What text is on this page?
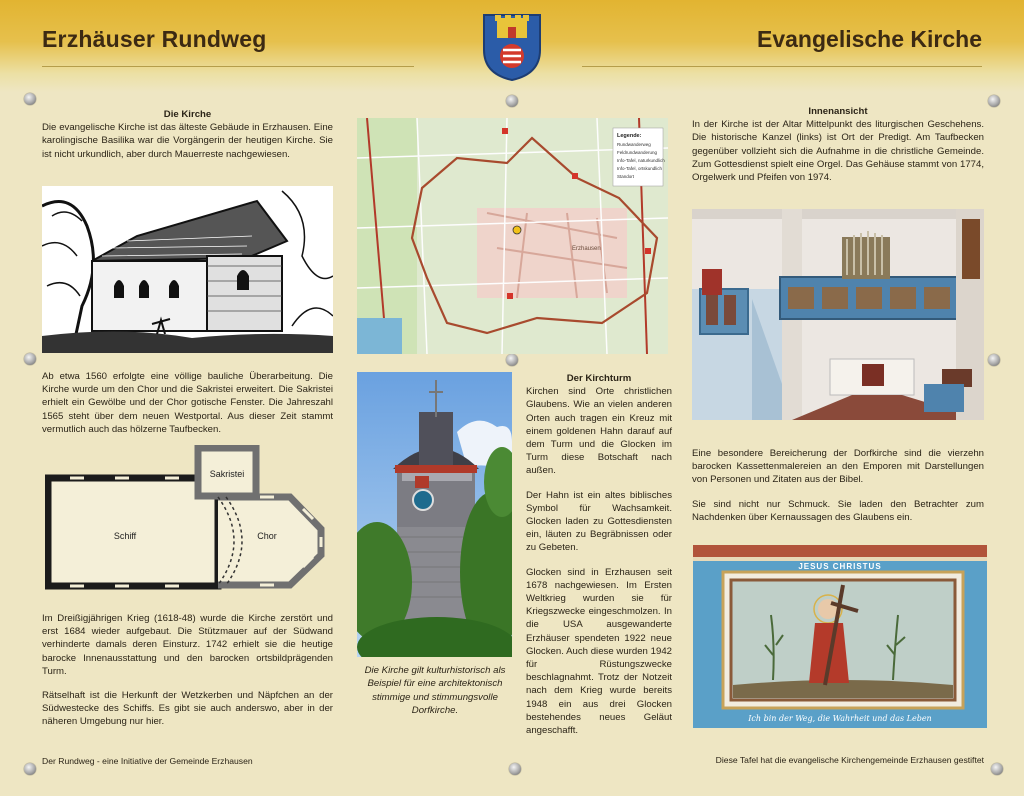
Erzhäuser Rundweg	Evangelische Kirche
Die Kirche
Die evangelische Kirche ist das älteste Gebäude in Erzhausen. Eine karolingische Basilika war die Vorgängerin der heutigen Kirche. Sie ist nicht urkundlich, aber durch Mauerreste nachgewiesen.
Ab etwa 1560 erfolgte eine völlige bauliche Überarbeitung. Die Kirche wurde um den Chor und die Sakristei erweitert. Die Sakristei erhielt ein Gewölbe und der Chor gotische Fenster. Die Jahreszahl 1565 steht über dem neuen Westportal. Aus dieser Zeit stammt vermutlich auch das hölzerne Taufbecken.
Schiff
Sakristei
Chor

Im Dreißigjährigen Krieg (1618-48) wurde die Kirche zerstört und erst 1684 wieder aufgebaut. Die Stützmauer auf der Südwand verhinderte damals deren Einsturz. 1742 erhielt sie die heutige barocke Innenausstattung und den barocken ortsbildprägenden Turm.

Rätselhaft ist die Herkunft der Wetzkerben und Näpfchen an der Südwestecke des Schiffs. Es gibt sie auch anderswo, aber in der näheren Umgebung nur hier.

Legende:
Rundwanderweg
Feldrundwanderung
Info-Tafel, naturkundlich
Info-Tafel, ortskundlich
Standort
Erzhausen
Die Kirche gilt kulturhistorisch als Beispiel für eine architektonisch stimmige und stimmungsvolle Dorfkirche.
Der Kirchturm

Kirchen sind Orte christlichen Glaubens. Wie an vielen anderen Orten auch tragen ein Kreuz mit einem goldenen Hahn darauf auf dem Turm und die Glocken im Turm diese Botschaft nach außen.

Der Hahn ist ein altes biblisches Symbol für Wachsamkeit. Glocken laden zu Gottesdiensten ein, läuten zu Begräbnissen oder zu Gebeten.

Glocken sind in Erzhausen seit 1678 nachgewiesen. Im Ersten Weltkrieg wurden sie für Kriegszwecke eingeschmolzen. In die USA ausgewanderte Erzhäuser spendeten 1922 neue Glocken. Auch diese wurden 1942 für Rüstungszwecke beschlagnahmt. Trotz der Notzeit nach dem Krieg wurde bereits 1948 ein aus drei Glocken bestehendes neues Geläut angeschafft.

Innenansicht
In der Kirche ist der Altar Mittelpunkt des liturgischen Geschehens. Die historische Kanzel (links) ist Ort der Predigt. Am Taufbecken gegenüber vollzieht sich die Aufnahme in die christliche Gemeinde. Zum Gottesdienst spielt eine Orgel. Das Gehäuse stammt von 1774, Orgelwerk und Pfeifen von 1974.

Eine besondere Bereicherung der Dorfkirche sind die vierzehn barocken Kassettenmalereien an den Emporen mit Darstellungen von Personen und Zitaten aus der Bibel.

Sie sind nicht nur Schmuck. Sie laden den Betrachter zum Nachdenken über Kernaussagen des Glaubens ein.

JESUS CHRISTUS
Ich bin der Weg, die Wahrheit und das Leben
Der Rundweg - eine Initiative der Gemeinde Erzhausen	Diese Tafel hat die evangelische Kirchengemeinde Erzhausen gestiftet
